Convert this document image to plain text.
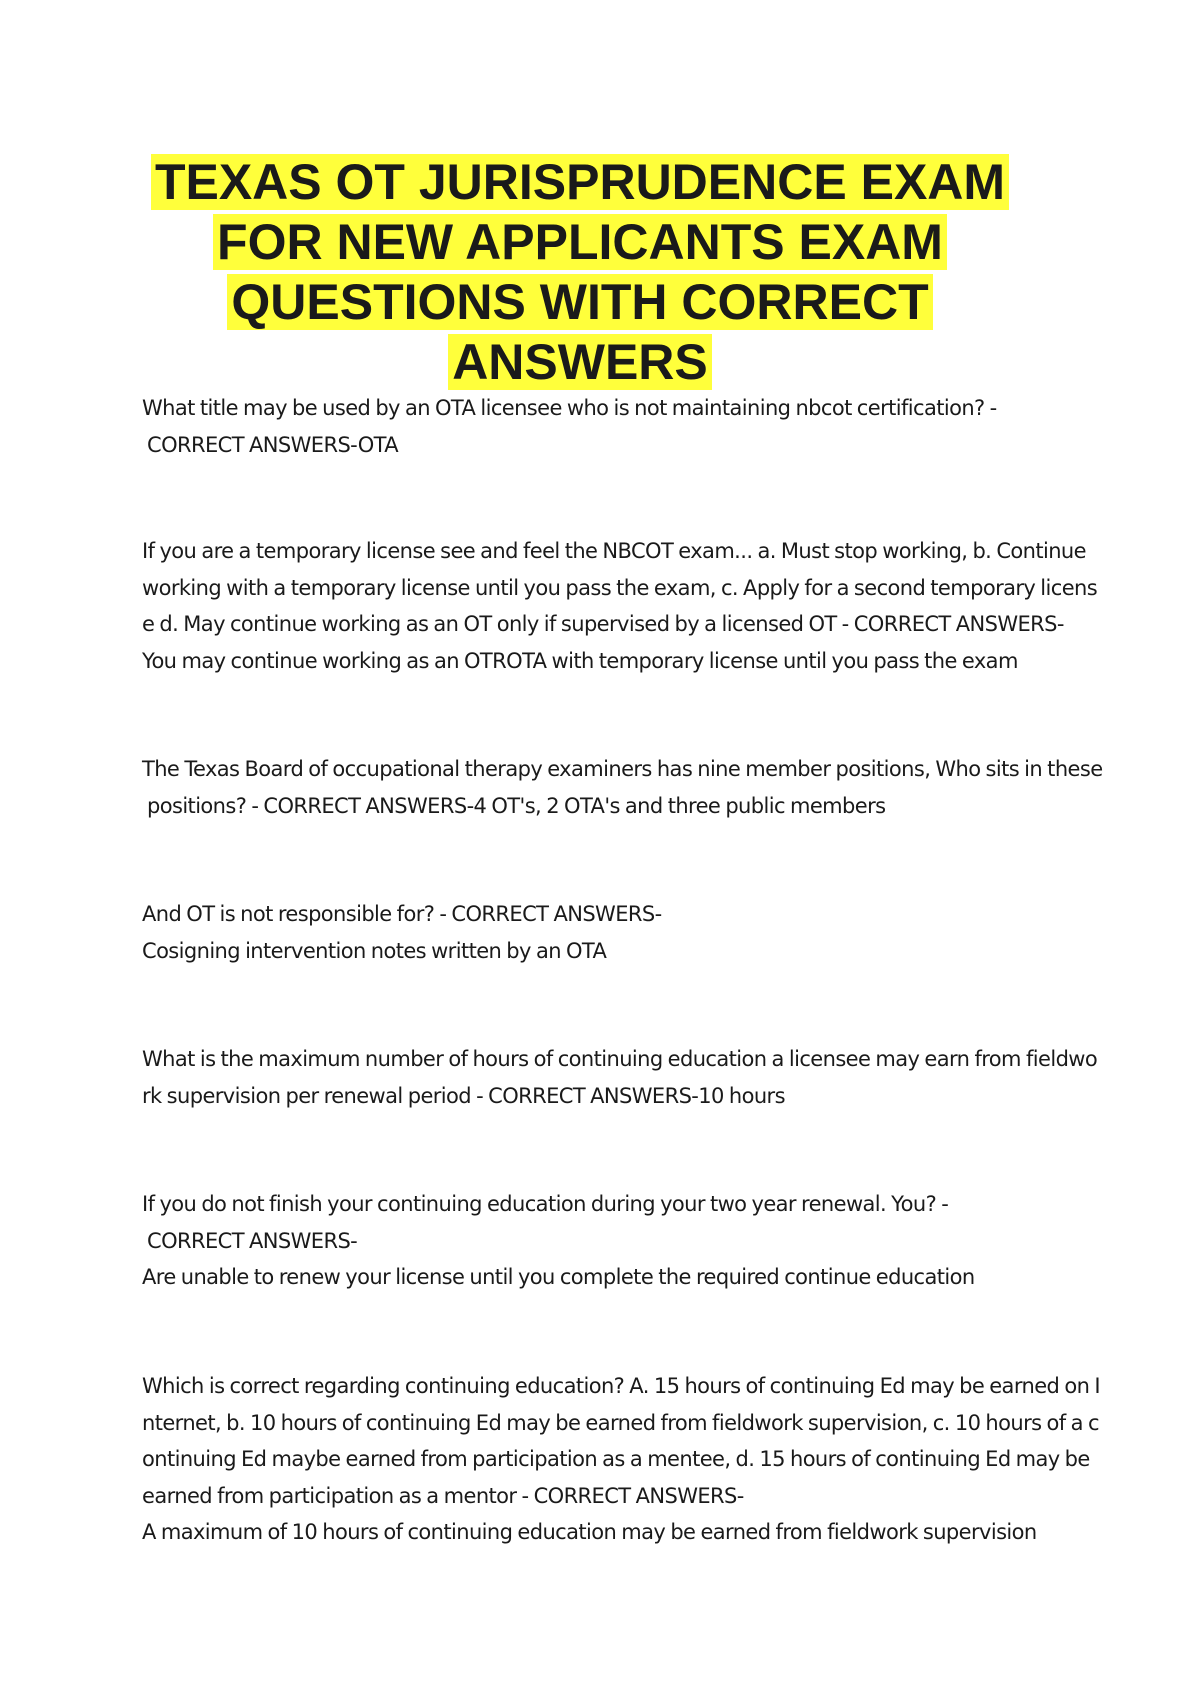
TEXAS OT JURISPRUDENCE EXAM
FOR NEW APPLICANTS EXAM
QUESTIONS WITH CORRECT
ANSWERS
What title may be used by an OTA licensee who is not maintaining nbcot certification? -
CORRECT ANSWERS-OTA
If you are a temporary license see and feel the NBCOT exam... a. Must stop working, b. Continue
working with a temporary license until you pass the exam, c. Apply for a second temporary licens
e d. May continue working as an OT only if supervised by a licensed OT - CORRECT ANSWERS-
You may continue working as an OTROTA with temporary license until you pass the exam
The Texas Board of occupational therapy examiners has nine member positions, Who sits in these
positions? - CORRECT ANSWERS-4 OT's, 2 OTA's and three public members
And OT is not responsible for? - CORRECT ANSWERS-
Cosigning intervention notes written by an OTA
What is the maximum number of hours of continuing education a licensee may earn from fieldwo
rk supervision per renewal period - CORRECT ANSWERS-10 hours
If you do not finish your continuing education during your two year renewal. You? -
CORRECT ANSWERS-
Are unable to renew your license until you complete the required continue education
Which is correct regarding continuing education? A. 15 hours of continuing Ed may be earned on I
nternet, b. 10 hours of continuing Ed may be earned from fieldwork supervision, c. 10 hours of a c
ontinuing Ed maybe earned from participation as a mentee, d. 15 hours of continuing Ed may be
earned from participation as a mentor - CORRECT ANSWERS-
A maximum of 10 hours of continuing education may be earned from fieldwork supervision
